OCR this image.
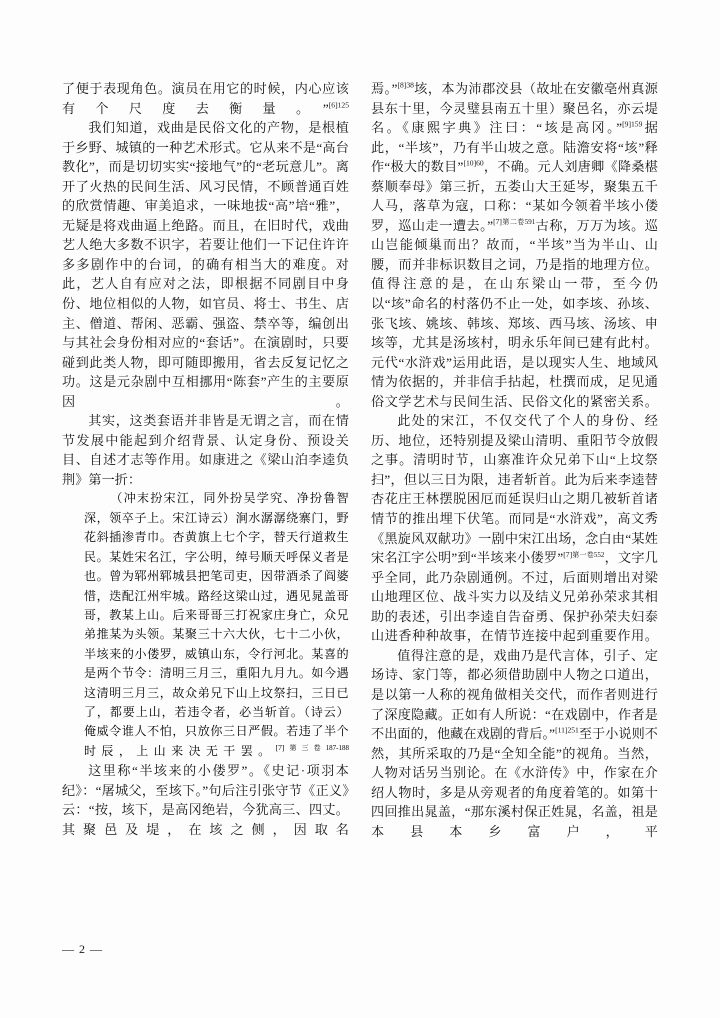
了便于表现角色。演员在用它的时候，内心应该有个尺度去衡量。”$^{[6]125}$

我们知道，戏曲是民俗文化的产物，是根植于乡野、城镇的一种艺术形式。它从来不是“高台教化”，而是切切实实“接地气”的“老玩意儿”。离开了火热的民间生活、风习民情，不顾普通百姓的欣赏情趣、审美追求，一味地拔“高”培“雅”，无疑是将戏曲逼上绝路。而且，在旧时代，戏曲艺人绝大多数不识字，若要让他们一下记住许许多多剧作中的台词，的确有相当大的难度。对此，艺人自有应对之法，即根据不同剧目中身份、地位相似的人物，如官员、将士、书生、店主、僧道、帮闲、恶霸、强盗、禁卒等，编创出与其社会身份相对应的“套话”。在演剧时，只要碰到此类人物，即可随即搬用，省去反复记忆之功。这是元杂剧中互相挪用“陈套”产生的主要原因。

其实，这类套语并非皆是无谓之言，而在情节发展中能起到介绍背景、认定身份、预设关目、自述才志等作用。如康进之《梁山泊李逵负荆》第一折：

（冲末扮宋江，同外扮吴学究、净扮鲁智深，领卒子上。宋江诗云）涧水潺潺绕寨门，野花斜插渗青巾。杏黄旗上七个字，替天行道救生民。某姓宋名江，字公明，绰号顺天呼保义者是也。曾为郓州郓城县把笔司吏，因带酒杀了阎婆惜，迭配江州牢城。路经这梁山过，遇见晁盖哥哥，教某上山。后来哥哥三打祝家庄身亡，众兄弟推某为头领。某聚三十六大伙，七十二小伙，半垓来的小偻罗，威镇山东，令行河北。某喜的是两个节令：清明三月三，重阳九月九。如今遇这清明三月三，故众弟兄下山上坟祭扫，三日已了，都要上山，若违令者，必当斩首。（诗云）俺威令谁人不怕，只放你三日严假。若违了半个时辰，上山来决无干罢。$^{[7]第三卷187-188}$

这里称“半垓来的小偻罗”。《史记·项羽本纪》：“屠城父，至垓下。”句后注引张守节《正义》云：“按，垓下，是高冈绝岩，今犹高三、四丈。其聚邑及堤，在垓之侧，因取名

焉。”$^{[8]38}$垓，本为沛郡洨县（故址在安徽亳州真源县东十里，今灵璧县南五十里）聚邑名，亦云堤名。《康熙字典》注曰：“垓是高冈。”$^{[9]159}$据此，“半垓”，乃有半山坡之意。陆澹安将“垓”释作“极大的数目”$^{[10]60}$，不确。元人刘唐卿《降桑椹蔡顺奉母》第三折，五娄山大王延岑，聚集五千人马，落草为寇，口称：“某如今领着半垓小偻罗，巡山走一遭去。”$^{[7]第二卷591}$古称，万万为垓。巡山岂能倾巢而出？故而，“半垓”当为半山、山腰，而并非标识数目之词，乃是指的地理方位。值得注意的是，在山东梁山一带，至今仍以“垓”命名的村落仍不止一处，如李垓、孙垓、张飞垓、姚垓、韩垓、郑垓、西马垓、汤垓、申垓等，尤其是汤垓村，明永乐年间已建有此村。元代“水浒戏”运用此语，是以现实人生、地域风情为依据的，并非信手拈起，杜撰而成，足见通俗文学艺术与民间生活、民俗文化的紧密关系。

此处的宋江，不仅交代了个人的身份、经历、地位，还特别提及梁山清明、重阳节令放假之事。清明时节，山寨准许众兄弟下山“上坟祭扫”，但以三日为限，违者斩首。此为后来李逵替杏花庄王林摆脱困厄而延误归山之期几被斩首诸情节的推出埋下伏笔。而同是“水浒戏”，高文秀《黑旋风双献功》一剧中宋江出场，念白由“某姓宋名江字公明”到“半垓来小偻罗”$^{[7]第一卷552}$，文字几乎全同，此乃杂剧通例。不过，后面则增出对梁山地理区位、战斗实力以及结义兄弟孙荣求其相助的表述，引出李逵自告奋勇、保护孙荣夫妇泰山进香种种故事，在情节连接中起到重要作用。

值得注意的是，戏曲乃是代言体，引子、定场诗、家门等，都必须借助剧中人物之口道出，是以第一人称的视角做相关交代，而作者则进行了深度隐藏。正如有人所说：“在戏剧中，作者是不出面的，他藏在戏剧的背后。”$^{[11]251}$至于小说则不然，其所采取的乃是“全知全能”的视角。当然，人物对话另当别论。在《水浒传》中，作家在介绍人物时，多是从旁观者的角度着笔的。如第十四回推出晁盖，“那东溪村保正姓晁，名盖，祖是本县本乡富户，平

— 2 —
